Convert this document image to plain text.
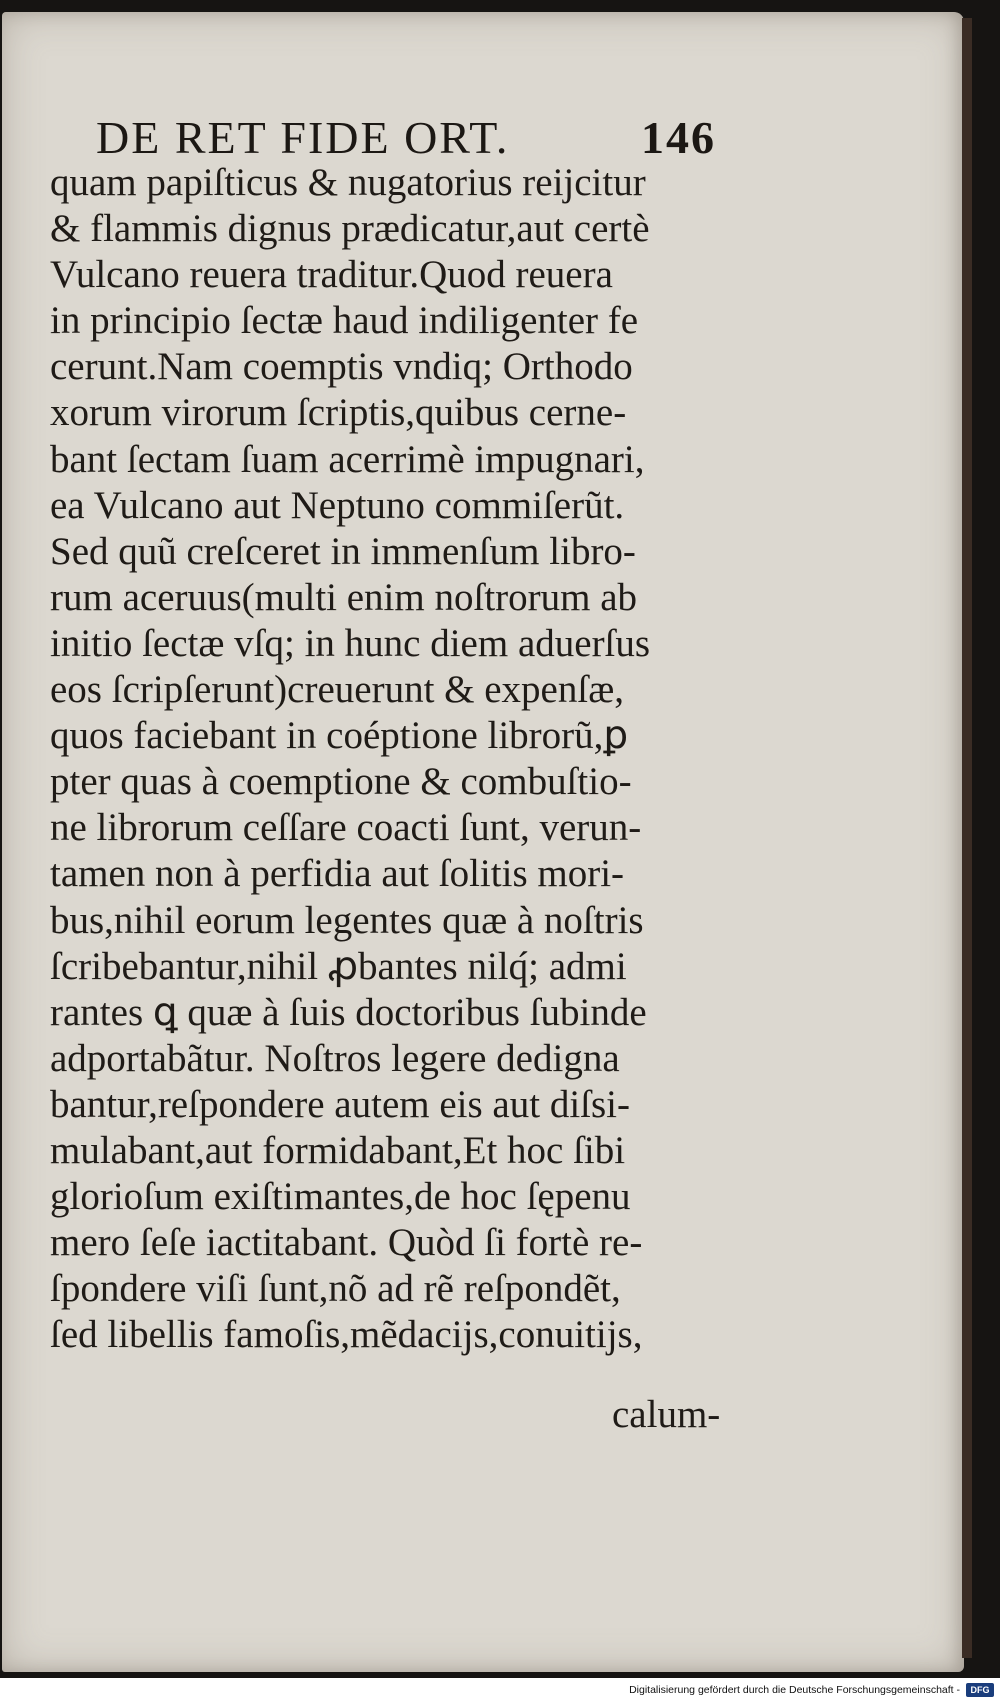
DE RET FIDE ORT.	146
quam papiſticus & nugatorius reijcitur
& flammis dignus prædicatur,aut certè
Vulcano reuera traditur.Quod reuera
in principio ſectæ haud indiligenter fe
cerunt.Nam coemptis vndiq; Orthodo
xorum virorum ſcriptis,quibus cerne-
bant ſectam ſuam acerrimè impugnari,
ea Vulcano aut Neptuno commiſerũt.
Sed quũ creſceret in immenſum libro-
rum aceruus(multi enim noſtrorum ab
initio ſectæ vſq; in hunc diem aduerſus
eos ſcripſerunt)creuerunt & expenſæ,
quos faciebant in coéptione librorũ,ꝑ
pter quas à coemptione & combuſtio-
ne librorum ceſſare coacti ſunt, verun-
tamen non à perfidia aut ſolitis mori-
bus,nihil eorum legentes quæ à noſtris
ſcribebantur,nihil ꝓbantes nilq́; admi
rantes ꝗ quæ à ſuis doctoribus ſubinde
adportabãtur. Noſtros legere dedigna
bantur,reſpondere autem eis aut diſsi-
mulabant,aut formidabant,Et hoc ſibi
glorioſum exiſtimantes,de hoc ſępenu
mero ſeſe iactitabant. Quòd ſi fortè re-
ſpondere viſi ſunt,nõ ad rẽ reſpondẽt,
ſed libellis famoſis,mẽdacijs,conuitijs,
calum-
Digitalisierung gefördert durch die Deutsche Forschungsgemeinschaft -	DFG
